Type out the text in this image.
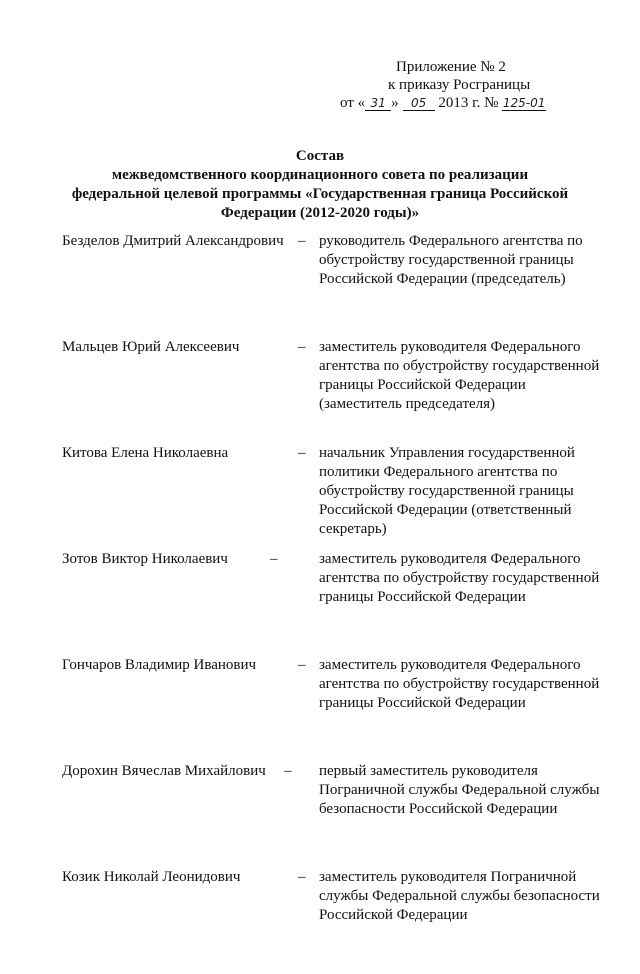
Приложение № 2
к приказу Росграницы
от « 31 » 05 2013 г. № 125-01
Состав
межведомственного координационного совета по реализации
федеральной целевой программы «Государственная граница Российской
Федерации (2012-2020 годы)»
Безделов Дмитрий Александрович – руководитель Федерального агентства по обустройству государственной границы Российской Федерации (председатель)
Мальцев Юрий Алексеевич	– заместитель руководителя Федерального агентства по обустройству государственной границы Российской Федерации (заместитель председателя)
Китова Елена Николаевна	– начальник Управления государственной политики Федерального агентства по обустройству государственной границы Российской Федерации (ответственный секретарь)
Зотов Виктор Николаевич	–	заместитель руководителя Федерального агентства по обустройству государственной границы Российской Федерации
Гончаров Владимир Иванович	– заместитель руководителя Федерального агентства по обустройству государственной границы Российской Федерации
Дорохин Вячеслав Михайлович – первый заместитель руководителя Пограничной службы Федеральной службы безопасности Российской Федерации
Козик Николай Леонидович	– заместитель руководителя Пограничной службы Федеральной службы безопасности Российской Федерации
